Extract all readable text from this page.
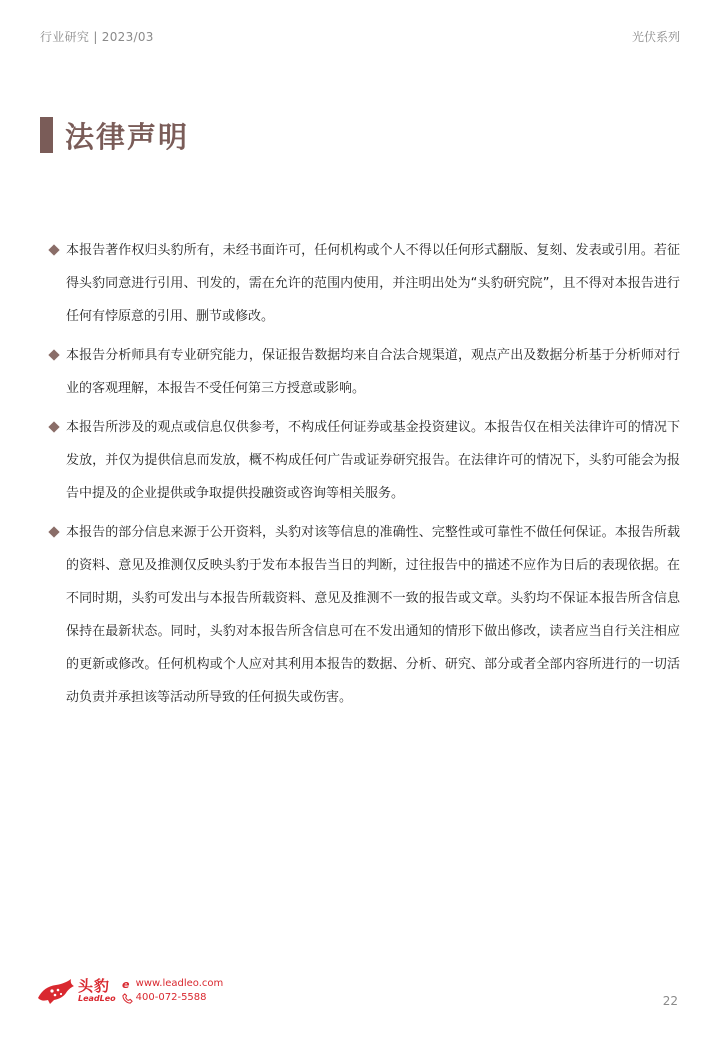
行业研究 | 2023/03	光伏系列
法律声明
本报告著作权归头豹所有，未经书面许可，任何机构或个人不得以任何形式翻版、复刻、发表或引用。若征得头豹同意进行引用、刊发的，需在允许的范围内使用，并注明出处为“头豹研究院”，且不得对本报告进行任何有悖原意的引用、删节或修改。
本报告分析师具有专业研究能力，保证报告数据均来自合法合规渠道，观点产出及数据分析基于分析师对行业的客观理解，本报告不受任何第三方授意或影响。
本报告所涉及的观点或信息仅供参考，不构成任何证券或基金投资建议。本报告仅在相关法律许可的情况下发放，并仅为提供信息而发放，概不构成任何广告或证券研究报告。在法律许可的情况下，头豹可能会为报告中提及的企业提供或争取提供投融资或咨询等相关服务。
本报告的部分信息来源于公开资料，头豹对该等信息的准确性、完整性或可靠性不做任何保证。本报告所载的资料、意见及推测仅反映头豹于发布本报告当日的判断，过往报告中的描述不应作为日后的表现依据。在不同时期，头豹可发出与本报告所载资料、意见及推测不一致的报告或文章。头豹均不保证本报告所含信息保持在最新状态。同时，头豹对本报告所含信息可在不发出通知的情形下做出修改，读者应当自行关注相应的更新或修改。任何机构或个人应对其利用本报告的数据、分析、研究、部分或者全部内容所进行的一切活动负责并承担该等活动所导致的任何损失或伤害。
头豹
LeadLeo
e www.leadleo.com
400-072-5588	22
